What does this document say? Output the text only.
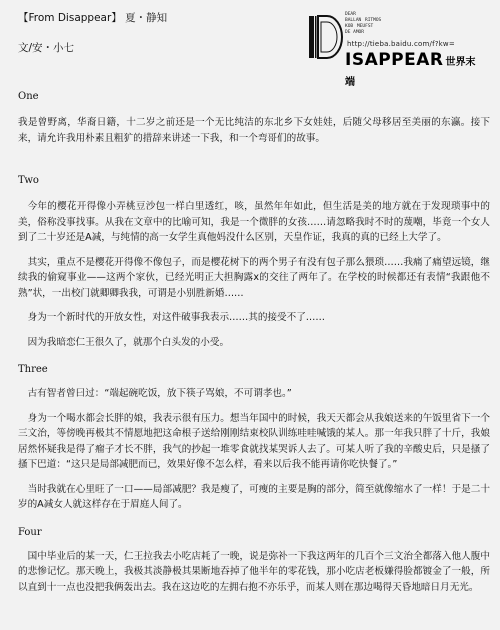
【From Disappear】 夏・静知

文/安・小七

DEAR
BALLAN RITMOS
KOB MEUFST
DE AMOR
http://tieba.baidu.com/f?kw=
ISAPPEAR 世界末端

One

我是曾野离，华裔日籍，十二岁之前还是一个无比纯洁的东北乡下女娃娃，后随父母移居至美丽的东瀛。接下来，请允许我用朴素且粗犷的措辞来讲述一下我，和一个弯哥们的故事。

Two

今年的樱花开得像小弄桃豆沙包一样白里透红，咳，虽然年年如此，但生活是美的地方就在于发现琐事中的美，俗称没事找事。从我在文章中的比喻可知，我是一个微胖的女孩……请忽略我时不时的蔑嘲，毕竟一个女人到了二十岁还是A减，与纯情的高一女学生真他妈没什么区别，天皇作证，我真的真的已经上大学了。

其实，重点不是樱花开得像不像包子，而是樱花树下的两个男子有没有包子那么猥琐……我痛了痛望远镜，继续我的偷窥事业——这两个家伙，已经光明正大担胸露x的交往了两年了。在学校的时候都还有表情“我跟他不熟”状，一出校门就卿卿我我，可谓是小别胜新婚……

身为一个新时代的开放女性，对这件破事我表示……其的接受不了……

因为我暗恋仁王很久了，就那个白头发的小受。

Three

古有智者曾曰过：“端起碗吃饭，放下筷子骂娘，不可谓孝也。”

身为一个喝水都会长胖的娘，我表示很有压力。想当年国中的时候，我天天都会从我娘送来的午饭里省下一个三文治，等傍晚再极其不情愿地把这命根子送给刚刚结束校队训练哇哇喊饿的某人。那一年我只胖了十斤，我娘居然怀疑我是得了瘤子才长不胖，我气的抄起一堆零食就找某哭诉人去了。可某人听了我的辛酸史后，只是搔了搔下巴道：“这只是局部减肥而已，效果好像不怎么样，看来以后我不能再请你吃快餐了。”

当时我就在心里旺了一口——局部减肥？我是瘦了，可瘦的主要是胸的部分，简至就像缩水了一样！于是二十岁的A减女人就这样存在于眉庭人间了。

Four

国中毕业后的某一天，仁王拉我去小吃店耗了一晚，说是弥补一下我这两年的几百个三文治全都落入他人腹中的悲惨记忆。那天晚上，我极其淡静极其果断地吞掉了他半年的零花钱，那小吃店老板嫌得脸都镀金了一般，所以直到十一点也没把我俩轰出去。我在这边吃的左拥右抱不亦乐乎，而某人则在那边喝得天昏地暗日月无光。
